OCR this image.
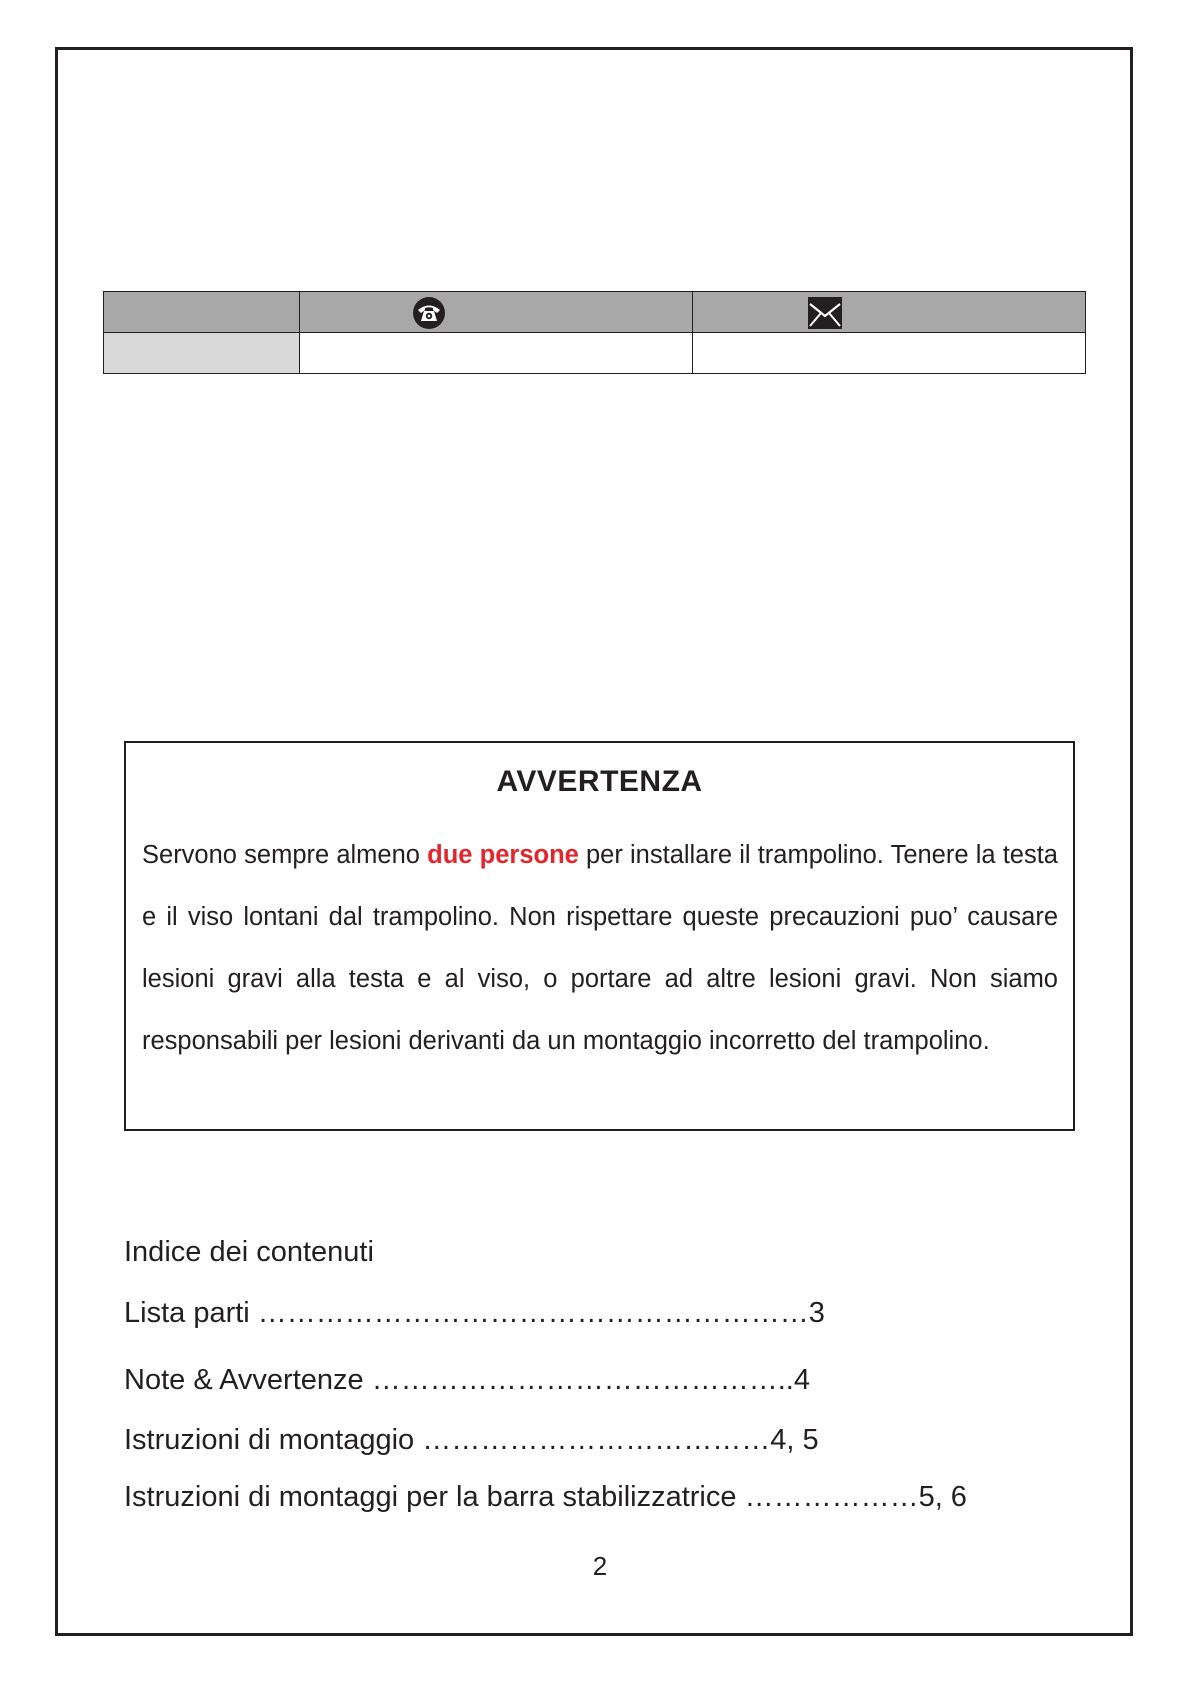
AVVERTENZA

Servono sempre almeno due persone per installare il trampolino. Tenere la testa e il viso lontani dal trampolino. Non rispettare queste precauzioni puo’ causare lesioni gravi alla testa e al viso, o portare ad altre lesioni gravi. Non siamo responsabili per lesioni derivanti da un montaggio incorretto del trampolino.

Indice dei contenuti
Lista parti …………………………………………………3
Note & Avvertenze ……………………………………..4
Istruzioni di montaggio ………………………………4, 5
Istruzioni di montaggi per la barra stabilizzatrice ………………5, 6
2
